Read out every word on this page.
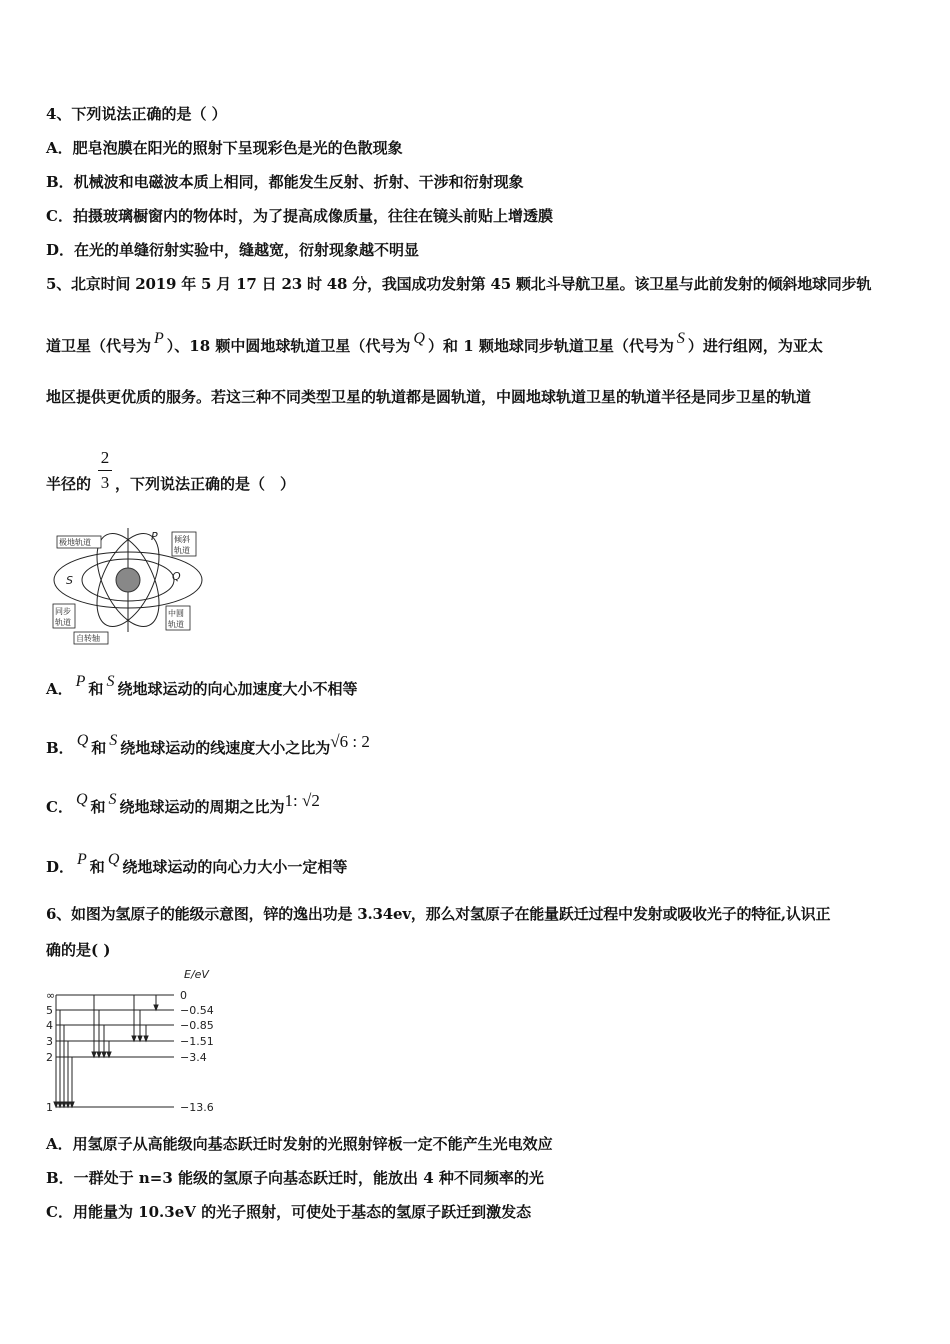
4、下列说法正确的是（ ）
A．肥皂泡膜在阳光的照射下呈现彩色是光的色散现象
B．机械波和电磁波本质上相同，都能发生反射、折射、干涉和衍射现象
C．拍摄玻璃橱窗内的物体时，为了提高成像质量，往往在镜头前贴上增透膜
D．在光的单缝衍射实验中，缝越宽，衍射现象越不明显
5、北京时间 2019 年 5 月 17 日 23 时 48 分，我国成功发射第 45 颗北斗导航卫星。该卫星与此前发射的倾斜地球同步轨
道卫星（代号为 P ）、18 颗中圆地球轨道卫星（代号为 Q ）和 1 颗地球同步轨道卫星（代号为 S ）进行组网，为亚太
地区提供更优质的服务。若这三种不同类型卫星的轨道都是圆轨道，中圆地球轨道卫星的轨道半径是同步卫星的轨道
2
3
半径的 ，下列说法正确的是（　）
极地轨道	倾斜
轨道
同步
轨道
中圆
轨道
自转轴
P
S	Q
A． P 和 S 绕地球运动的向心加速度大小不相等
B． Q 和 S 绕地球运动的线速度大小之比为√6 : 2
C． Q 和 S 绕地球运动的周期之比为1: √2
D． P 和 Q 绕地球运动的向心力大小一定相等
6、如图为氢原子的能级示意图，锌的逸出功是 3.34ev，那么对氢原子在能量跃迁过程中发射或吸收光子的特征,认识正
确的是( )
E/eV
∞	0
5	−0.54
4	−0.85
3	−1.51
2	−3.4
1	−13.6
A．用氢原子从高能级向基态跃迁时发射的光照射锌板一定不能产生光电效应
B．一群处于 n=3 能级的氢原子向基态跃迁时，能放出 4 种不同频率的光
C．用能量为 10.3eV 的光子照射，可使处于基态的氢原子跃迁到激发态
